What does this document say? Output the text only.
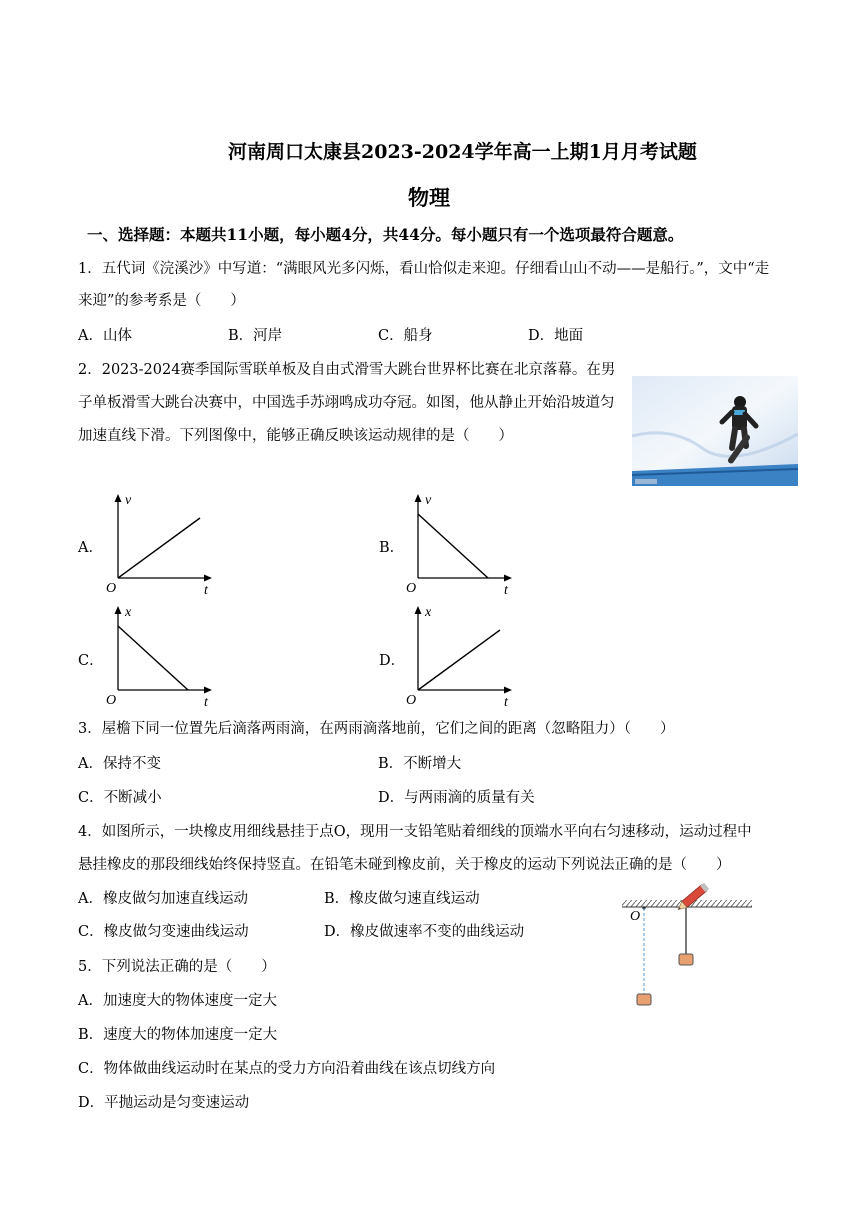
河南周口太康县2023-2024学年高一上期1月月考试题
物理
一、选择题：本题共11小题，每小题4分，共44分。每小题只有一个选项最符合题意。
1．五代词《浣溪沙》中写道：“满眼风光多闪烁，看山恰似走来迎。仔细看山山不动——是船行。”，文中“走
来迎”的参考系是（　　）
A．山体	B．河岸	C．船身	D．地面
2．2023-2024赛季国际雪联单板及自由式滑雪大跳台世界杯比赛在北京落幕。在男
子单板滑雪大跳台决赛中，中国选手苏翊鸣成功夺冠。如图，他从静止开始沿坡道匀
加速直线下滑。下列图像中，能够正确反映该运动规律的是（　　）
A．	B．
C．	D．
v
t
O
v
t
O
x
t
O
x
t
O
3．屋檐下同一位置先后滴落两雨滴，在两雨滴落地前，它们之间的距离（忽略阻力）（　　）
A．保持不变	B．不断增大
C．不断减小	D．与两雨滴的质量有关
4．如图所示，一块橡皮用细线悬挂于点O，现用一支铅笔贴着细线的顶端水平向右匀速移动，运动过程中
悬挂橡皮的那段细线始终保持竖直。在铅笔未碰到橡皮前，关于橡皮的运动下列说法正确的是（　　）
A．橡皮做匀加速直线运动	B．橡皮做匀速直线运动
C．橡皮做匀变速曲线运动	D．橡皮做速率不变的曲线运动
O
5．下列说法正确的是（　　）
A．加速度大的物体速度一定大
B．速度大的物体加速度一定大
C．物体做曲线运动时在某点的受力方向沿着曲线在该点切线方向
D．平抛运动是匀变速运动
